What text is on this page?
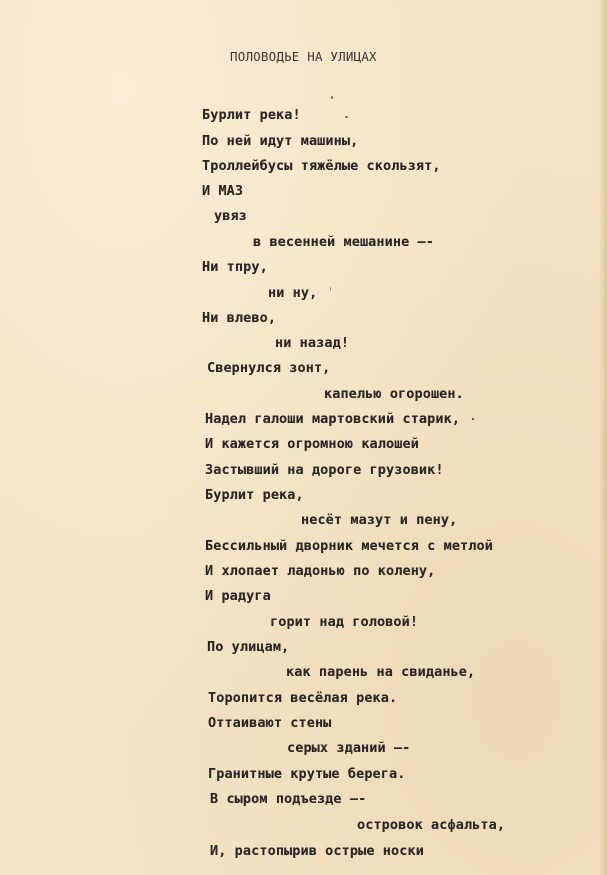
ПОЛОВОДЬЕ НА УЛИЦАХ
Бурлит река!
По ней идут машины,
Троллейбусы тяжёлые скользят,
И МАЗ
увяз
в весенней мешанине —-
Ни тпру,
ни ну,
Ни влево,
ни назад!
Свернулся зонт,
капелью огорошен.
Надел галоши мартовский старик,
И кажется огромною калошей
Застывший на дороге грузовик!
Бурлит река,
несёт мазут и пену,
Бессильный дворник мечется с метлой
И хлопает ладонью по колену,
И радуга
горит над головой!
По улицам,
как парень на свиданье,
Торопится весёлая река.
Оттаивают стены
серых зданий —-
Гранитные крутые берега.
В сыром подъезде —-
островок асфальта,
И, растопырив острые носки
